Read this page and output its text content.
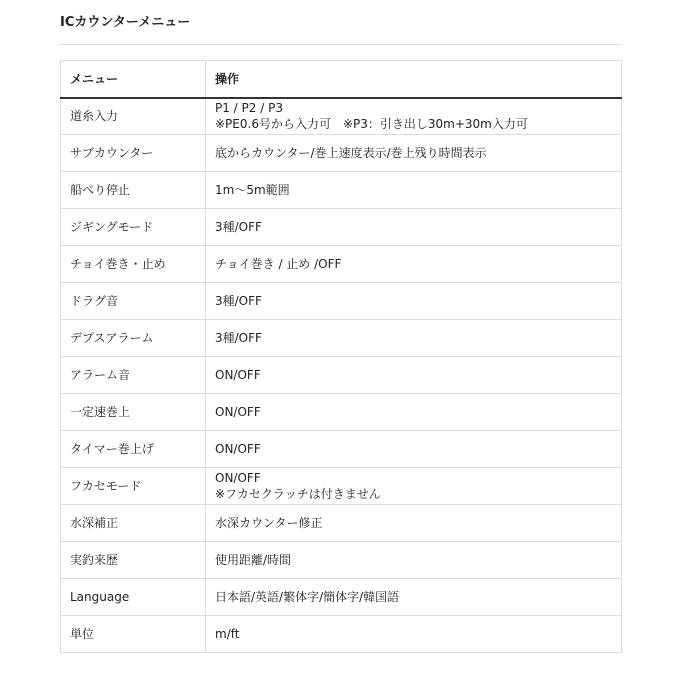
ICカウンターメニュー
メニュー	操作
道糸入力	P1 / P2 / P3
※PE0.6号から入力可　※P3：引き出し30m+30m入力可

サブカウンター	底からカウンター/巻上速度表示/巻上残り時間表示

船べり停止	1m〜5m範囲

ジギングモード	3種/OFF

チョイ巻き・止め	チョイ巻き / 止め /OFF

ドラグ音	3種/OFF

デプスアラーム	3種/OFF

アラーム音	ON/OFF

一定速巻上	ON/OFF

タイマー巻上げ	ON/OFF

フカセモード	ON/OFF
※フカセクラッチは付きません

水深補正	水深カウンター修正

実釣来歴	使用距離/時間

Language	日本語/英語/繁体字/簡体字/韓国語

単位	m/ft
